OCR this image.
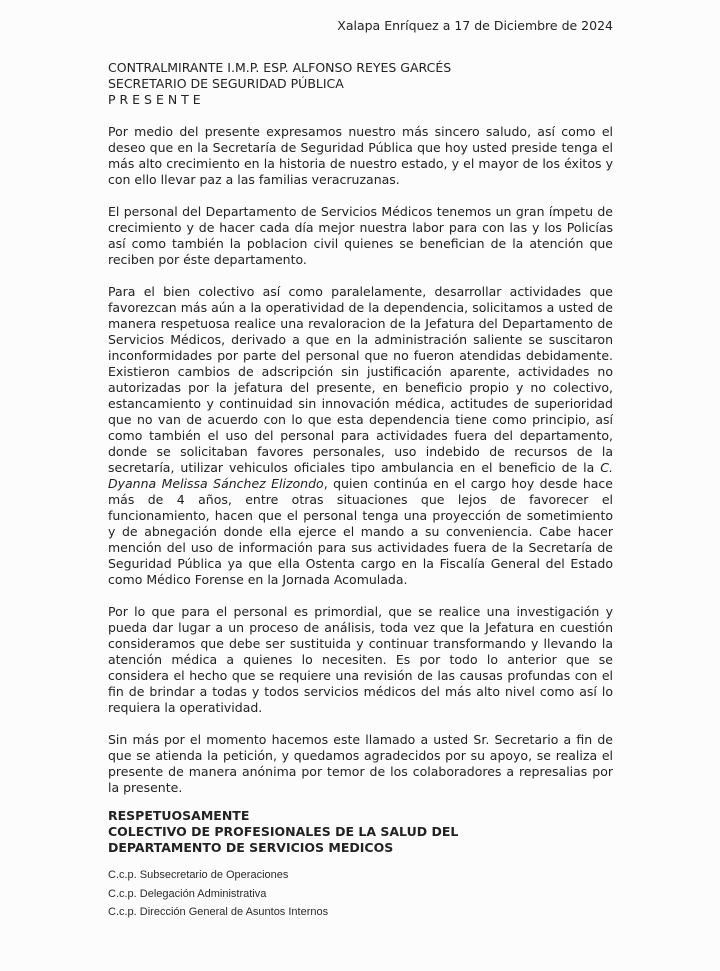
Xalapa Enríquez a 17 de Diciembre de 2024
CONTRALMIRANTE I.M.P. ESP. ALFONSO REYES GARCÉS
SECRETARIO DE SEGURIDAD PÚBLICA
P R E S E N T E

Por medio del presente expresamos nuestro más sincero saludo, así como el deseo que en la Secretaría de Seguridad Pública que hoy usted preside tenga el más alto crecimiento en la historia de nuestro estado, y el mayor de los éxitos y con ello llevar paz a las familias veracruzanas.

El personal del Departamento de Servicios Médicos tenemos un gran ímpetu de crecimiento y de hacer cada día mejor nuestra labor para con las y los Policías así como también la poblacion civil quienes se benefician de la atención que reciben por éste departamento.

Para el bien colectivo así como paralelamente, desarrollar actividades que favorezcan más aún a la operatividad de la dependencia, solicitamos a usted de manera respetuosa realice una revaloracion de la Jefatura del Departamento de Servicios Médicos, derivado a que en la administración saliente se suscitaron inconformidades por parte del personal que no fueron atendidas debidamente. Existieron cambios de adscripción sin justificación aparente, actividades no autorizadas por la jefatura del presente, en beneficio propio y no colectivo, estancamiento y continuidad sin innovación médica, actitudes de superioridad que no van de acuerdo con lo que esta dependencia tiene como principio, así como también el uso del personal para actividades fuera del departamento, donde se solicitaban favores personales, uso indebido de recursos de la secretaría, utilizar vehiculos oficiales tipo ambulancia en el beneficio de la C. Dyanna Melissa Sánchez Elizondo, quien continúa en el cargo hoy desde hace más de 4 años, entre otras situaciones que lejos de favorecer el funcionamiento, hacen que el personal tenga una proyección de sometimiento y de abnegación donde ella ejerce el mando a su conveniencia. Cabe hacer mención del uso de información para sus actividades fuera de la Secretaría de Seguridad Pública ya que ella Ostenta cargo en la Fiscalía General del Estado como Médico Forense en la Jornada Acomulada.

Por lo que para el personal es primordial, que se realice una investigación y pueda dar lugar a un proceso de análisis, toda vez que la Jefatura en cuestión consideramos que debe ser sustituida y continuar transformando y llevando la atención médica a quienes lo necesiten. Es por todo lo anterior que se considera el hecho que se requiere una revisión de las causas profundas con el fin de brindar a todas y todos servicios médicos del más alto nivel como así lo requiera la operatividad.

Sin más por el momento hacemos este llamado a usted Sr. Secretario a fin de que se atienda la petición, y quedamos agradecidos por su apoyo, se realiza el presente de manera anónima por temor de los colaboradores a represalias por la presente.

RESPETUOSAMENTE
COLECTIVO DE PROFESIONALES DE LA SALUD DEL
DEPARTAMENTO DE SERVICIOS MEDICOS
C.c.p. Subsecretario de Operaciones
C.c.p. Delegación Administrativa
C.c.p. Dirección General de Asuntos Internos
